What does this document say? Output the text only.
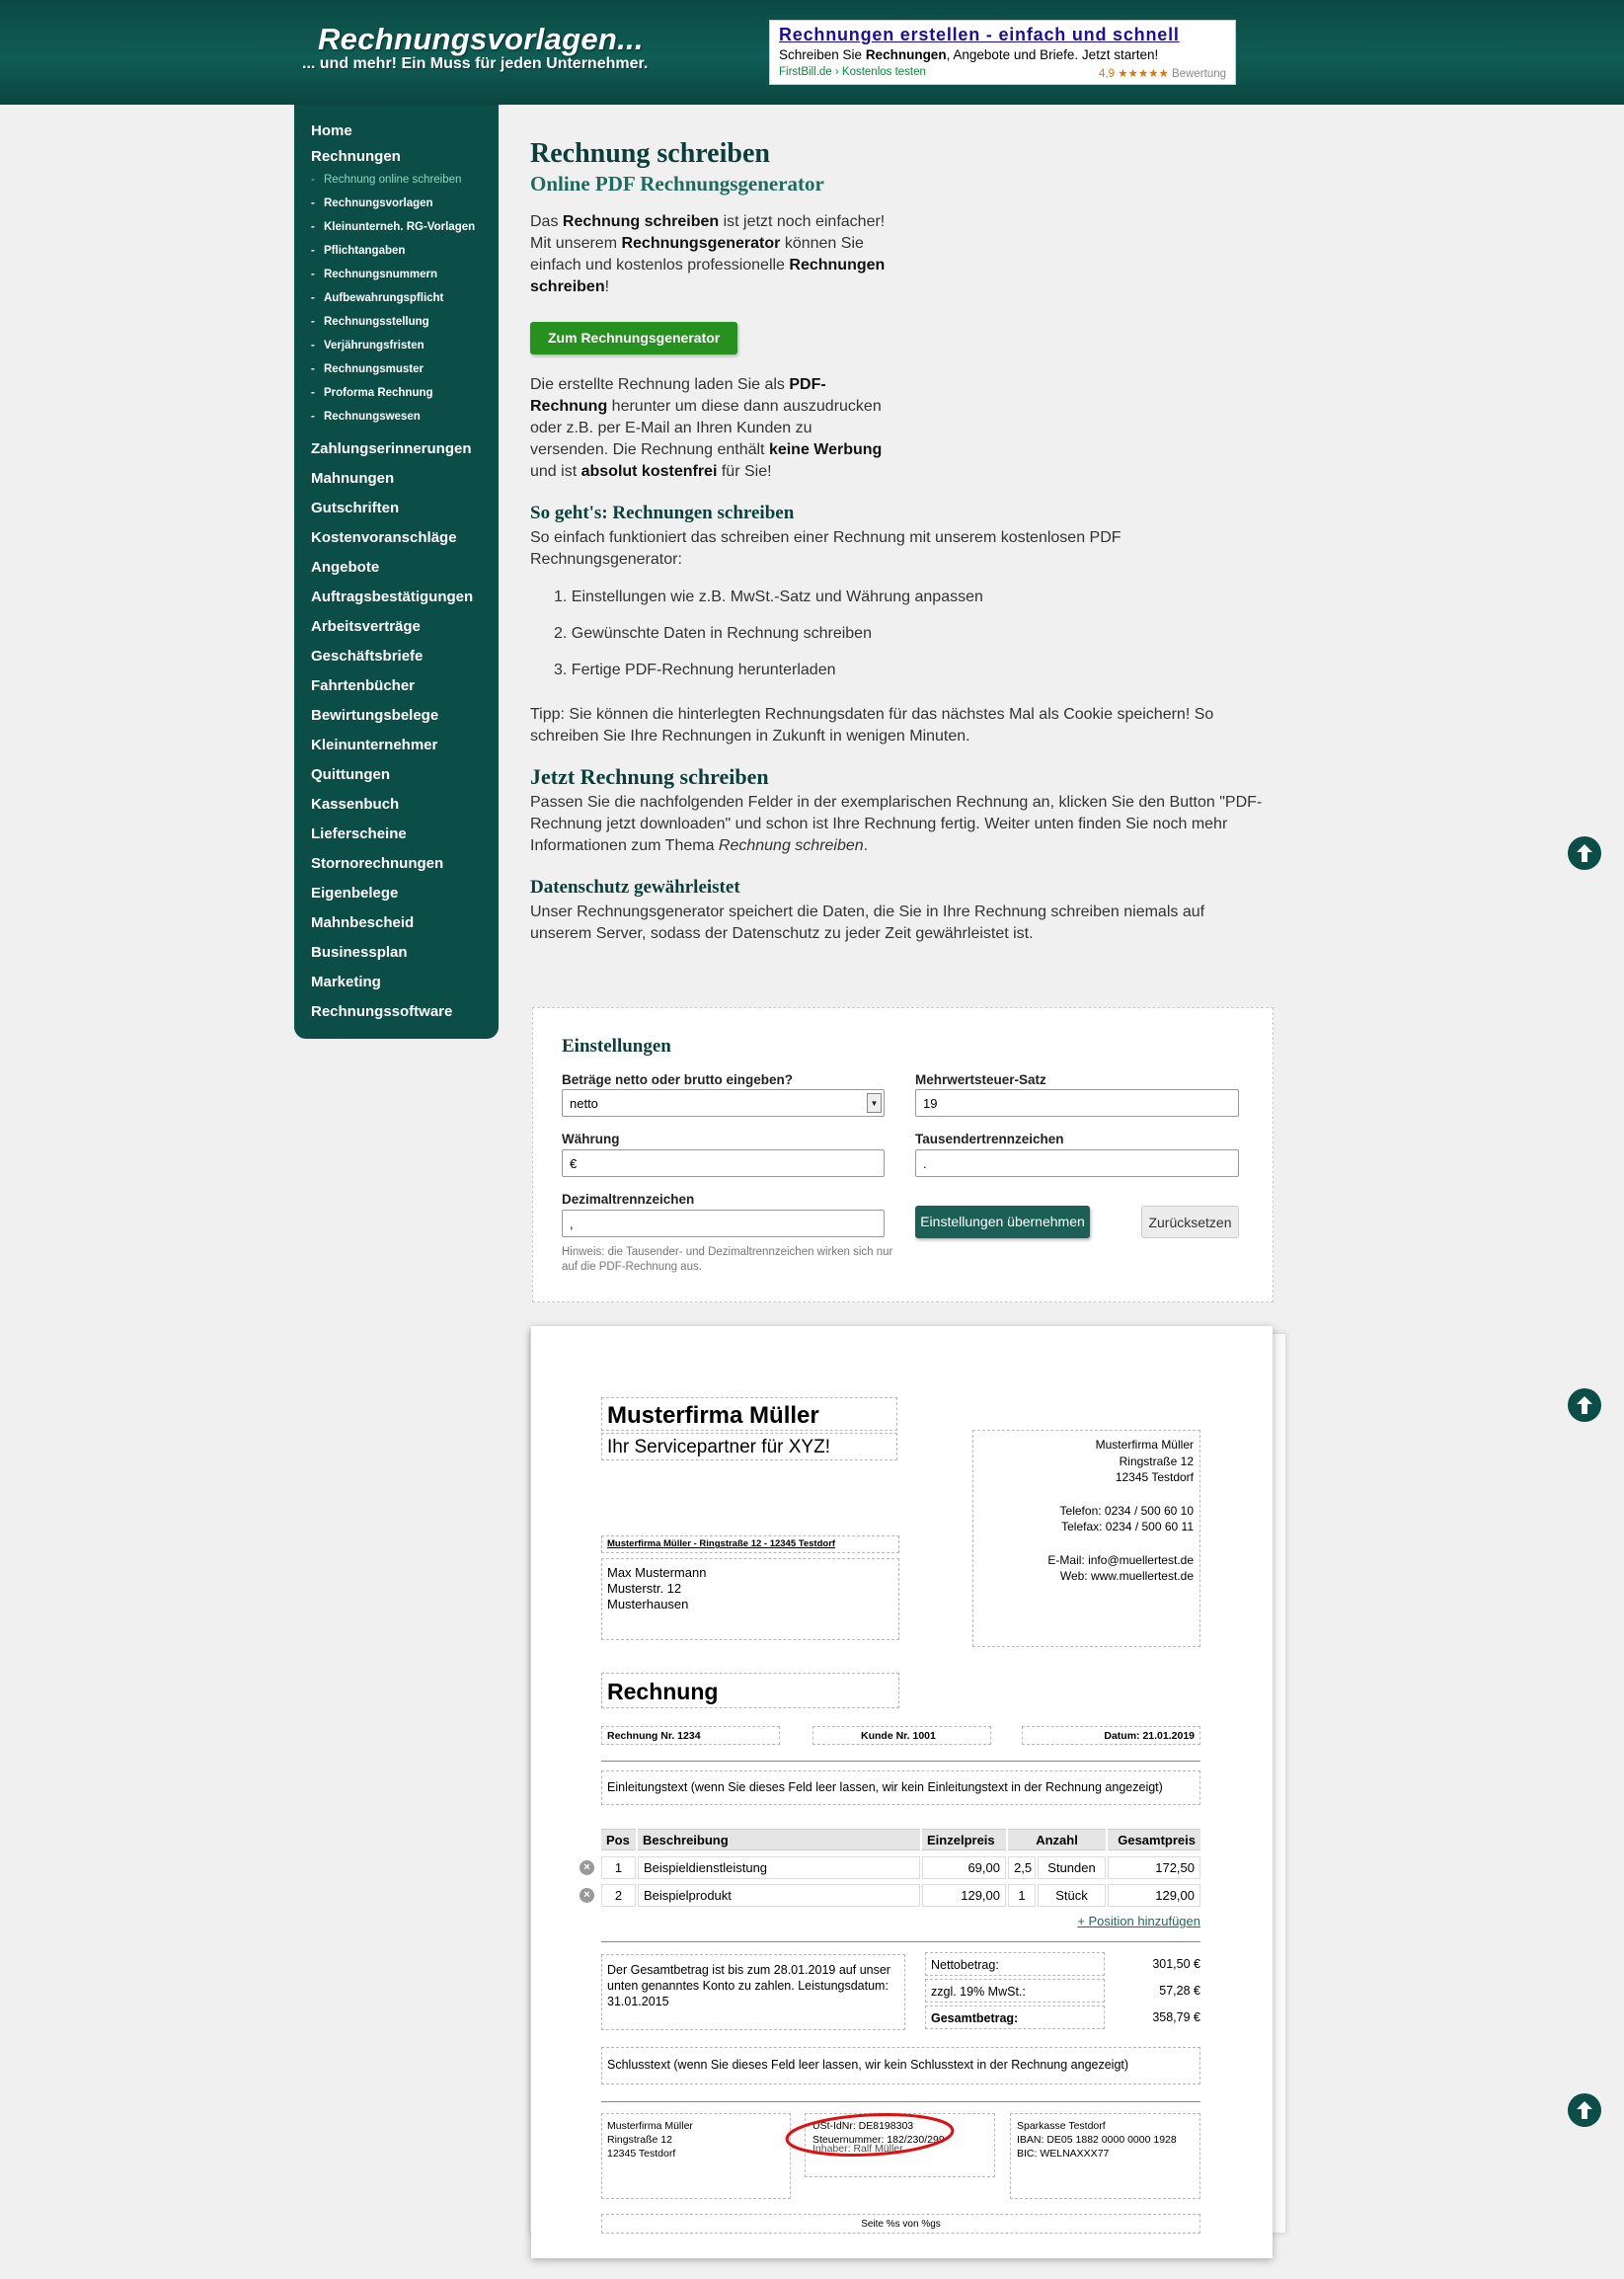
Rechnungsvorlagen...
... und mehr! Ein Muss für jeden Unternehmer.
Rechnungen erstellen - einfach und schnell
Schreiben Sie Rechnungen, Angebote und Briefe. Jetzt starten!
FirstBill.de › Kostenlos testen	4,9 ★★★★★ Bewertung
Home
Rechnungen
- Rechnung online schreiben
- Rechnungsvorlagen
- Kleinunterneh. RG-Vorlagen
- Pflichtangaben
- Rechnungsnummern
- Aufbewahrungspflicht
- Rechnungsstellung
- Verjährungsfristen
- Rechnungsmuster
- Proforma Rechnung
- Rechnungswesen
Zahlungserinnerungen
Mahnungen
Gutschriften
Kostenvoranschläge
Angebote
Auftragsbestätigungen
Arbeitsverträge
Geschäftsbriefe
Fahrtenbücher
Bewirtungsbelege
Kleinunternehmer
Quittungen
Kassenbuch
Lieferscheine
Stornorechnungen
Eigenbelege
Mahnbescheid
Businessplan
Marketing
Rechnungssoftware
Rechnung schreiben
Online PDF Rechnungsgenerator

Das Rechnung schreiben ist jetzt noch einfacher! Mit unserem Rechnungsgenerator können Sie einfach und kostenlos professionelle Rechnungen schreiben!

Zum Rechnungsgenerator

Die erstellte Rechnung laden Sie als PDF-Rechnung herunter um diese dann auszudrucken oder z.B. per E-Mail an Ihren Kunden zu versenden. Die Rechnung enthält keine Werbung und ist absolut kostenfrei für Sie!

So geht's: Rechnungen schreiben

So einfach funktioniert das schreiben einer Rechnung mit unserem kostenlosen PDF Rechnungsgenerator:

1. Einstellungen wie z.B. MwSt.-Satz und Währung anpassen
2. Gewünschte Daten in Rechnung schreiben
3. Fertige PDF-Rechnung herunterladen

Tipp: Sie können die hinterlegten Rechnungsdaten für das nächstes Mal als Cookie speichern! So schreiben Sie Ihre Rechnungen in Zukunft in wenigen Minuten.

Jetzt Rechnung schreiben

Passen Sie die nachfolgenden Felder in der exemplarischen Rechnung an, klicken Sie den Button "PDF-Rechnung jetzt downloaden" und schon ist Ihre Rechnung fertig. Weiter unten finden Sie noch mehr Informationen zum Thema Rechnung schreiben.

Datenschutz gewährleistet

Unser Rechnungsgenerator speichert die Daten, die Sie in Ihre Rechnung schreiben niemals auf unserem Server, sodass der Datenschutz zu jeder Zeit gewährleistet ist.

Einstellungen
Beträge netto oder brutto eingeben?
netto	▼
Mehrwertsteuer-Satz
19
Währung
€
Tausendertrennzeichen
.
Dezimaltrennzeichen
,	Einstellungen übernehmen	Zurücksetzen
Hinweis: die Tausender- und Dezimaltrennzeichen wirken sich nur auf die PDF-Rechnung aus.
Musterfirma Müller
Ihr Servicepartner für XYZ!	Musterfirma Müller
Ringstraße 12
12345 Testdorf
Telefon: 0234 / 500 60 10
Telefax: 0234 / 500 60 11
E-Mail: info@muellertest.de
Web: www.muellertest.de
Musterfirma Müller - Ringstraße 12 - 12345 Testdorf
Max Mustermann
Musterstr. 12
Musterhausen
Rechnung
Rechnung Nr. 1234	Kunde Nr. 1001	Datum: 21.01.2019
Einleitungstext (wenn Sie dieses Feld leer lassen, wir kein Einleitungstext in der Rechnung angezeigt)
Pos	Beschreibung	Einzelpreis	Anzahl	Gesamtpreis
×	1	Beispieldienstleistung	69,00	2,5	Stunden	172,50
×	2	Beispielprodukt	129,00	1	Stück	129,00
+ Position hinzufügen
Der Gesamtbetrag ist bis zum 28.01.2019 auf unser unten genanntes Konto zu zahlen. Leistungsdatum: 31.01.2015
Nettobetrag:	301,50 €
zzgl. 19% MwSt.:	57,28 €
Gesamtbetrag:	358,79 €
Schlusstext (wenn Sie dieses Feld leer lassen, wir kein Schlusstext in der Rechnung angezeigt)
Musterfirma Müller
Ringstraße 12
12345 Testdorf
USt-IdNr: DE8198303
Steuernummer: 182/230/299
Inhaber: Ralf Müller
Sparkasse Testdorf
IBAN: DE05 1882 0000 0000 1928
BIC: WELNAXXX77
Seite %s von %gs
